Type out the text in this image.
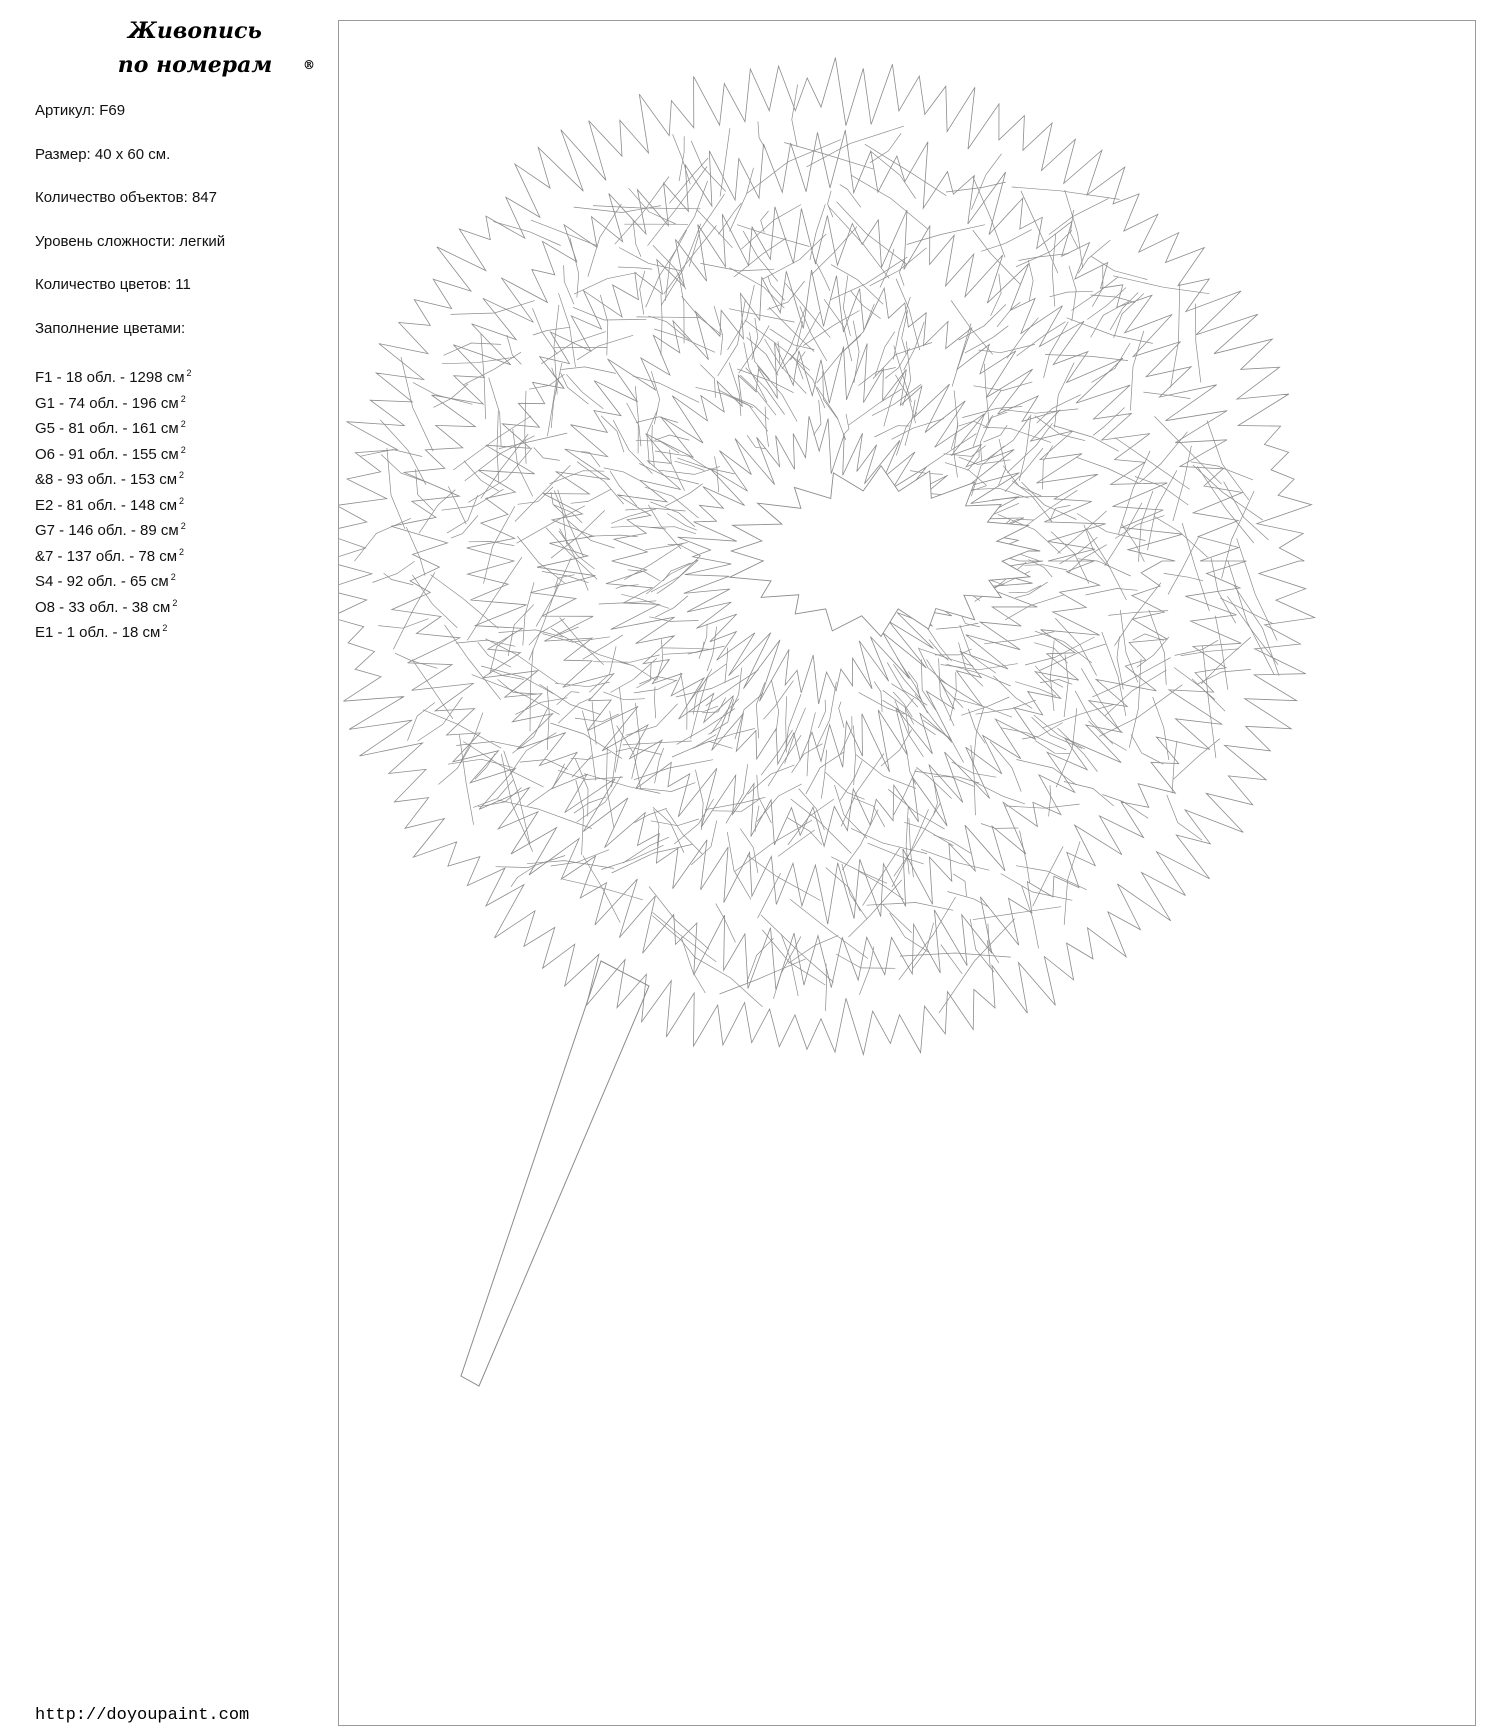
Живопись
по номерам	®
Артикул: F69
Размер: 40 x 60 см.
Количество объектов: 847
Уровень сложности: легкий
Количество цветов: 11
Заполнение цветами:
F1 - 18 обл. - 1298 см $^2$
G1 - 74 обл. - 196 см $^2$
G5 - 81 обл. - 161 см $^2$
O6 - 91 обл. - 155 см $^2$
&8 - 93 обл. - 153 см $^2$
E2 - 81 обл. - 148 см $^2$
G7 - 146 обл. - 89 см $^2$
&7 - 137 обл. - 78 см $^2$
S4 - 92 обл. - 65 см $^2$
O8 - 33 обл. - 38 см $^2$
E1 - 1 обл. - 18 см $^2$
http://doyoupaint.com
